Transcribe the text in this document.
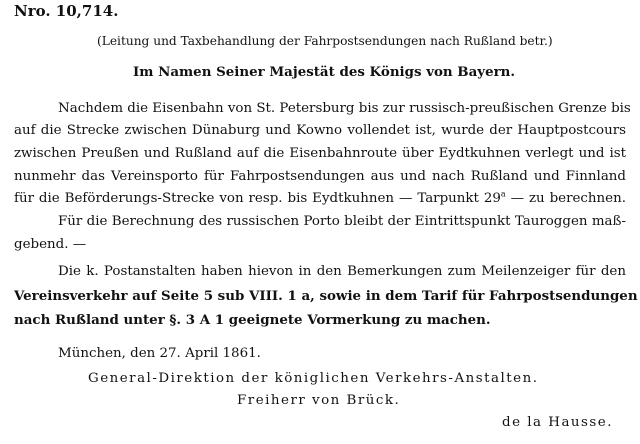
Nro. 10,714.
(Leitung und Taxbehandlung der Fahrpostsendungen nach Rußland betr.)
Im Namen Seiner Majestät des Königs von Bayern.
Nachdem die Eisenbahn von St. Petersburg bis zur russisch-preußischen Grenze bis
auf die Strecke zwischen Dünaburg und Kowno vollendet ist, wurde der Hauptpostcours
zwischen Preußen und Rußland auf die Eisenbahnroute über Eydtkuhnen verlegt und ist
nunmehr das Vereinsporto für Fahrpostsendungen aus und nach Rußland und Finnland
für die Beförderungs-Strecke von resp. bis Eydtkuhnen — Tarpunkt 29$^a$ — zu berechnen.
Für die Berechnung des russischen Porto bleibt der Eintrittspunkt Tauroggen maß-
gebend. —
Die k. Postanstalten haben hievon in den Bemerkungen zum Meilenzeiger für den
Vereinsverkehr auf Seite 5 sub VIII. 1 a, sowie in dem Tarif für Fahrpostsendungen
nach Rußland unter §. 3 A 1 geeignete Vormerkung zu machen.
München, den 27. April 1861.
General-Direktion der königlichen Verkehrs-Anstalten.
Freiherr von Brück.
de la Hausse.
